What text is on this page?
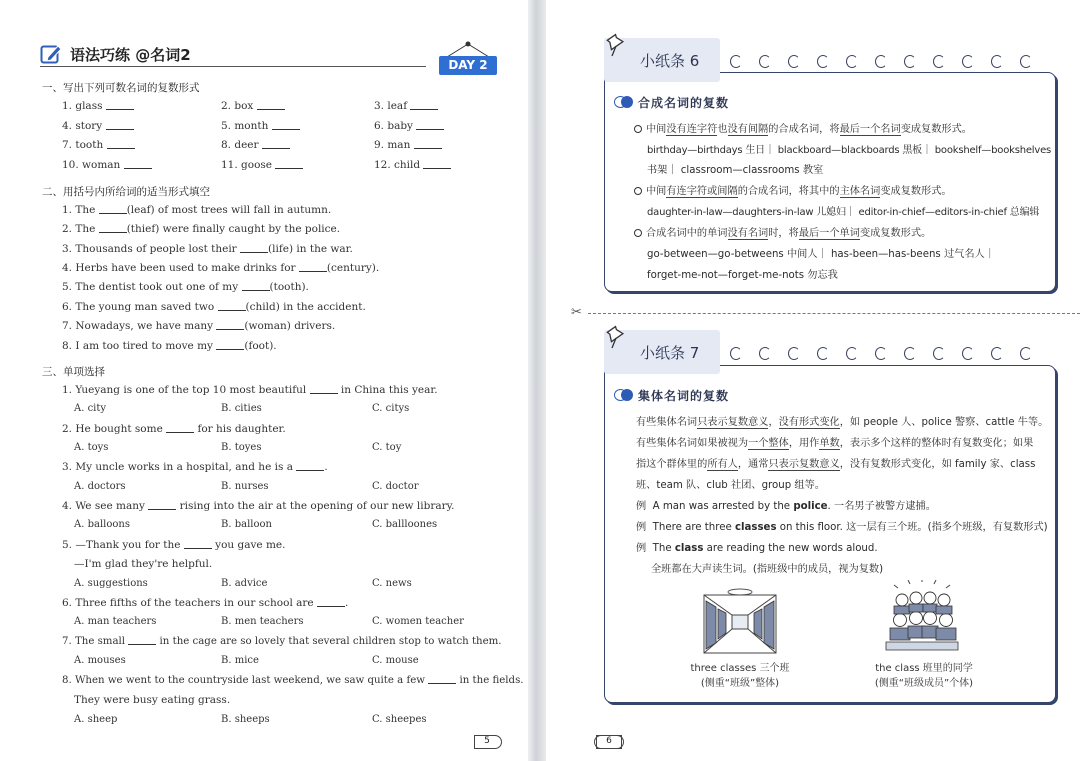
语法巧练 @名词2
DAY 2
一、写出下列可数名词的复数形式
1. glass	2. box	3. leaf
4. story	5. month	6. baby
7. tooth	8. deer	9. man
10. woman	11. goose	12. child
二、用括号内所给词的适当形式填空
1. The	(leaf) of most trees will fall in autumn.
2. The	(thief) were finally caught by the police.
3. Thousands of people lost their	(life) in the war.
4. Herbs have been used to make drinks for	(century).
5. The dentist took out one of my	(tooth).
6. The young man saved two	(child) in the accident.
7. Nowadays, we have many	(woman) drivers.
8. I am too tired to move my	(foot).
三、单项选择
1. Yueyang is one of the top 10 most beautiful	in China this year.
A. city	B. cities	C. citys
2. He bought some	for his daughter.
A. toys	B. toyes	C. toy
3. My uncle works in a hospital, and he is a	.
A. doctors	B. nurses	C. doctor
4. We see many	rising into the air at the opening of our new library.
A. balloons	B. balloon	C. ballloones
5. —Thank you for the	you gave me.
—I'm glad they're helpful.
A. suggestions	B. advice	C. news
6. Three fifths of the teachers in our school are	.
A. man teachers	B. men teachers	C. women teacher
7. The small	in the cage are so lovely that several children stop to watch them.
A. mouses	B. mice	C. mouse
8. When we went to the countryside last weekend, we saw quite a few	in the fields.
They were busy eating grass.
A. sheep	B. sheeps	C. sheepes
5
小纸条 6
合成名词的复数
中间没有连字符也没有间隔的合成名词，将最后一个名词变成复数形式。
birthday—birthdays 生日｜ blackboard—blackboards 黑板｜ bookshelf—bookshelves
书架｜ classroom—classrooms 教室
中间有连字符或间隔的合成名词，将其中的主体名词变成复数形式。
daughter-in-law—daughters-in-law 儿媳妇｜ editor-in-chief—editors-in-chief 总编辑
合成名词中的单词没有名词时，将最后一个单词变成复数形式。
go-between—go-betweens 中间人｜ has-been—has-beens 过气名人｜
forget-me-not—forget-me-nots 勿忘我
✂
小纸条 7
集体名词的复数
有些集体名词只表示复数意义，没有形式变化，如 people 人、police 警察、cattle 牛等。
有些集体名词如果被视为一个整体，用作单数，表示多个这样的整体时有复数变化；如果
指这个群体里的所有人，通常只表示复数意义，没有复数形式变化，如 family 家、class
班、team 队、club 社团、group 组等。
例 A man was arrested by the police. 一名男子被警方逮捕。
例 There are three classes on this floor. 这一层有三个班。(指多个班级，有复数形式)
例 The class are reading the new words aloud.
全班都在大声读生词。(指班级中的成员，视为复数)
three classes 三个班
(侧重“班级”整体)
the class 班里的同学
(侧重“班级成员”个体)
6
